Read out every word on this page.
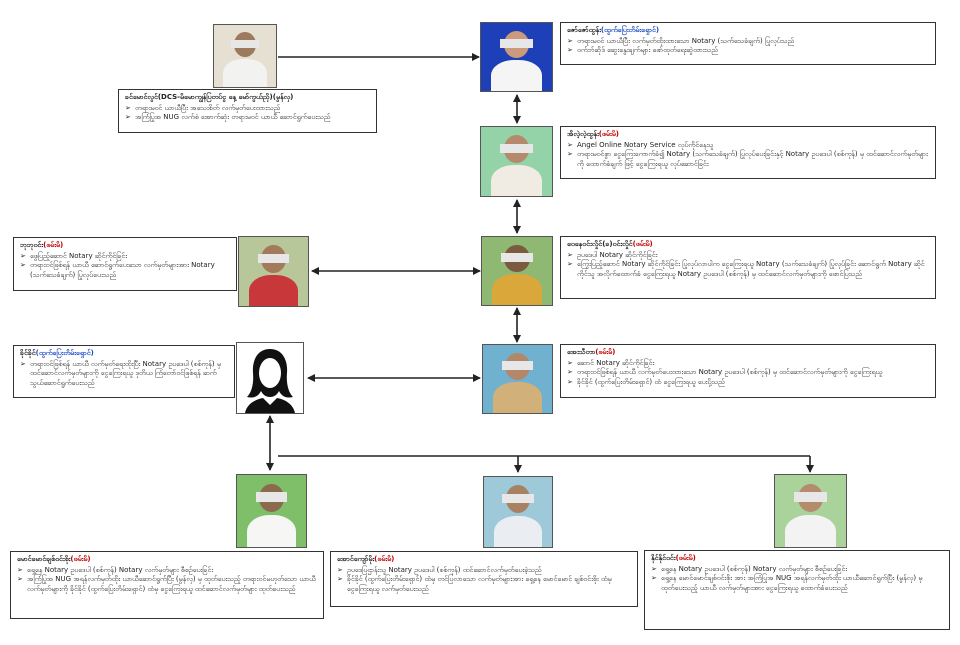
ခင်မောင်လွင်(DCS-မိမောကျွန်ပြတပ်ငွ နေ့ မော်ကွယ်ညှိ)(မွန်လှ)
➢ တရားမဝင် ယာယီပြီး အသေးစိတ် လက်မှတ်ပေးထားသည်
➢ အကြံပြုအ NUG လက်စဲ အောက်ဆုံး တရားမဝင် ယာယီ ဆောင်ရွက်ပေးသည်
ဇော်ဇော်ထွန်း(ထွက်ပြေးတိမ်းရှောင်)
➢ တရားမဝင် ယာယီပြီး လက်မှတ်ထိုးထားသော Notary (သက်သေခံချက်) ပြုလုပ်သည်
➢ ဝက်ဘ်ဆိုဒ် ဆွေးနွေးချက်များ ဖော်ထုတ်ရေးဆွဲထားသည်
အိလဲ့လဲ့ထွန်း(ဖမ်းမိ)
➢ Angel Online Notary Service လုပ်ကိုင်နေသူ
➢ တရားမဝင်စွာ ငွေကြေးကောက်ခံ၍ Notary (သက်သေခံချက်) ပြုလုပ်ပေးခြင်းနှင့် Notary ဥပဒေပါ (စစ်ကုန်) မှ ထင်ဆောင်လက်မှတ်များကို ထောက်ခံချက် ဖြင့် ငွေကြေးရယူ လုပ်ဆောင်ခြင်း
ဝေနေဝင်းလှိုင်(ခ)ဝင်းလှိုင်(ဖမ်းမိ)
➢ ဥပဒေပါ Notary ဆိုင်ကိုင်ခြင်း
➢ ကြွေးပြည့်ဆောင် Notary ဆိုင်ကိုင်ခြင်း ပြုလုပ်လာပါက ငွေကြေးရယူ Notary (သက်သေခံချက်) ပြုလုပ်ခြင်း ဆောင်ရွက် Notary ဆိုင်ကိုင်သူ အလိုက်ထောက်ခံ ငွေကြေးရယူ Notary ဥပဒေပါ (စစ်ကုန်) မှ ထင်ဆောင်လက်မှတ်များကို ဖောင်ပြသည်
ဘုဘုဝင်း(ဖမ်းမိ)
➢ ဖွေပြည့်ဆောင် Notary ဆိုင်ကိုင်ခြင်း
➢ တရားဝင်ဖြစ်ရန် ယာယီ ဆောင်ရွက်ပေးသော လက်မှတ်များအား Notary (သက်သေခံချက်) ပြုလုပ်ပေးသည်
ခိုင်ခိုင်(ထွက်ပြေးတိမ်းရှောင်)
➢ တရားဝင်ဖြစ်ရန် ယာယီ လက်မှတ်ရေးထိုးပြီး Notary ဥပဒေပါ (စစ်ကုန်) မှ ထင်ဆောင်လက်မှတ်များကို ငွေကြေးရယူ ဒုတိယ ကြံတော်ဝင်ဖြစ်ရန် ဆက်သွယ်ဆောင်ရွက်ပေးသည်
အေးသီတာ(ဖမ်းမိ)
➢ ဆောင် Notary ဆိုင်ကိုင်ခြင်း
➢ တရားဝင်ဖြစ်ရန် ယာယီ လက်မှတ်ပေးထားသော Notary ဥပဒေပါ (စစ်ကုန်) မှ ထင်ဆောင်လက်မှတ်များကို ငွေကြေးရယူ
➢ ခိုင်ခိုင် (ထွက်ပြေးတိမ်းရှောင်) ထံ ငွေကြေးရယူ ပေးပို့သည်
မောင်မောင်ချစ်ဝင်းစိုး(ဖမ်းမိ)
➢ ရှေ့နေ Notary ဥပဒေပါ (စစ်ကုန်) Notary လက်မှတ်များ စီစဉ်ပေးခြင်း
➢ အကြံပြုအ NUG အရန်လက်မှတ်ထိုး ယာယီဆောင်ရွက်ပြီး (မွန်လှ) မှ ထုတ်ပေးသည့် တရားဝင်မဟုတ်သော ယာယီ လက်မှတ်များကို ခိုင်ခိုင် (ထွက်ပြေးတိမ်းရှောင်) ထံမှ ငွေကြေးရယူ ထင်ဆောင်လက်မှတ်များ ထုတ်ပေးသည်
အောင်ကျော်မိုး(ဖမ်းမိ)
➢ ဥပဒေပြဌာန်းသူ Notary ဥပဒေပါ (စစ်ကုန်) ထင်ဆောင်လက်မှတ်ပေးခဲ့သည်
➢ ခိုင်ခိုင် (ထွက်ပြေးတိမ်းရှောင်) ထံမှ တင်ပြလာသော လက်မှတ်များအား ရှေ့နေ မောင်မောင် ချစ်ဝင်းစိုး ထံမှ ငွေကြေးရယူ လက်မှတ်ပေးသည်
နိုင်နိုင်ဝင်း(ဖမ်းမိ)
➢ ရှေ့နေ Notary ဥပဒေပါ (စစ်ကုန်) Notary လက်မှတ်များ စီစဉ်ပေးခြင်း
➢ ရှေ့နေ မောင်မောင်ချစ်ဝင်းစိုး အား အကြံပြုအ NUG အရန်လက်မှတ်ထိုး ယာယီဆောင်ရွက်ပြီး (မွန်လှ) မှ ထုတ်ပေးသည့် ယာယီ လက်မှတ်များအား ငွေကြေးရယူ ထောက်ခံပေးသည်
